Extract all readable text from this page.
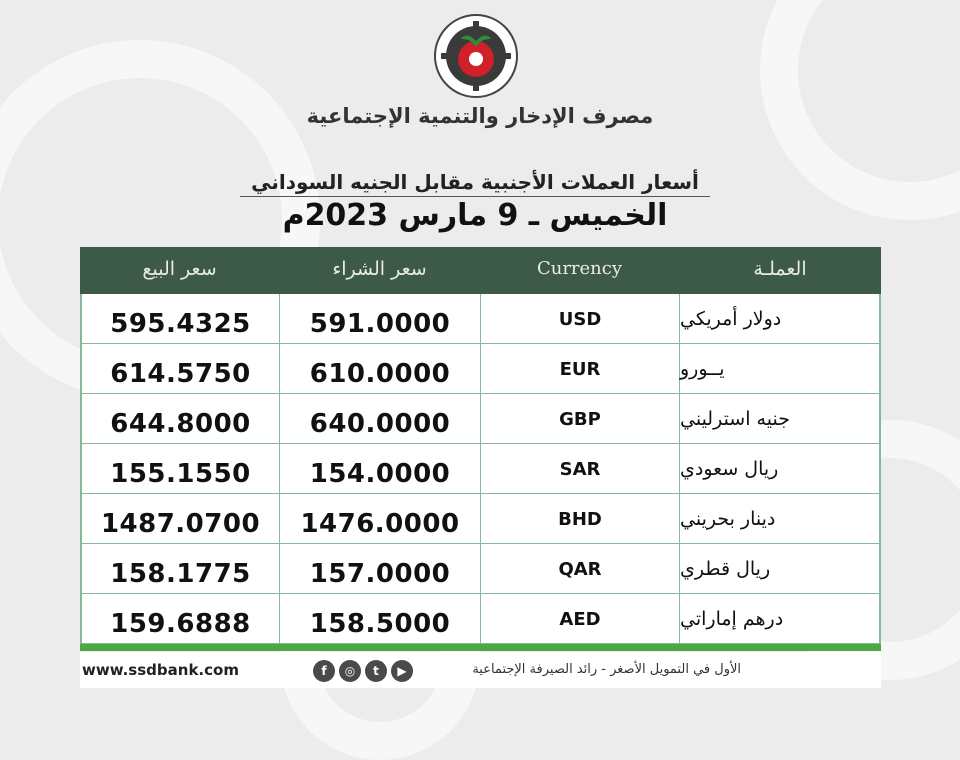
مصرف الإدخار والتنمية الإجتماعية
أسعار العملات الأجنبية مقابل الجنيه السوداني
الخميس ـ 9 مارس 2023م
سعر البيع	سعر الشراء	Currency	العملـة
595.4325	591.0000	USD	دولار أمريكي
614.5750	610.0000	EUR	يــورو
644.8000	640.0000	GBP	جنيه استرليني
155.1550	154.0000	SAR	ريال سعودي
1487.0700	1476.0000	BHD	دينار بحريني
158.1775	157.0000	QAR	ريال قطري
159.6888	158.5000	AED	درهم إماراتي
www.ssdbank.com	f	◎	t	▶	الأول في التمويل الأصغر - رائد الصيرفة الإجتماعية
